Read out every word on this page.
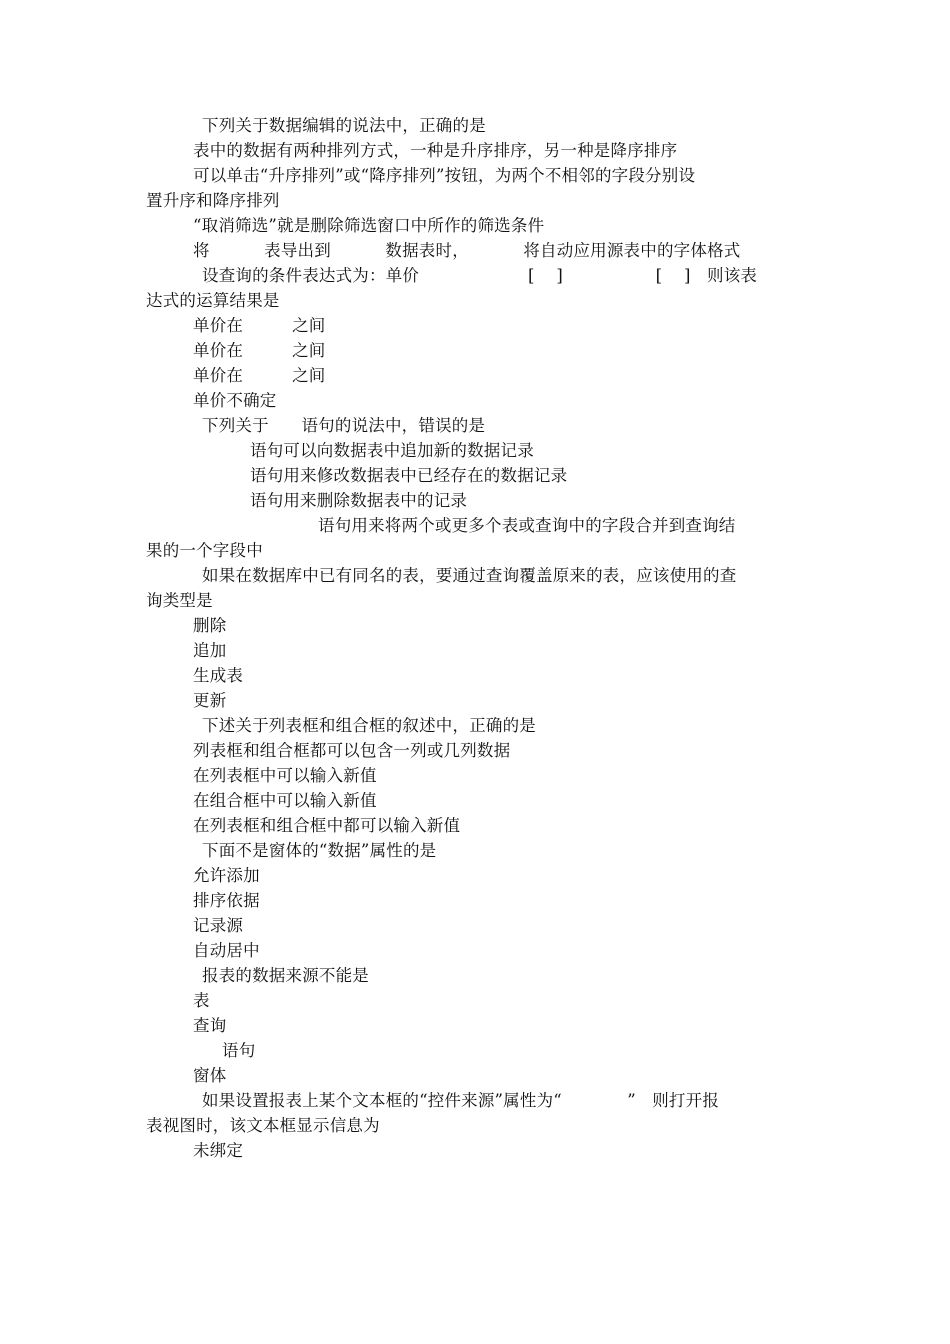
下列关于数据编辑的说法中，正确的是
表中的数据有两种排列方式，一种是升序排序，另一种是降序排序
可以单击“升序排列”或“降序排列”按钮，为两个不相邻的字段分别设
置升序和降序排列
“取消筛选”就是删除筛选窗口中所作的筛选条件
将          表导出到          数据表时，          将自动应用源表中的字体格式
设查询的条件表达式为：单价                    [    ]                 [    ]   则该表
达式的运算结果是
单价在         之间
单价在         之间
单价在         之间
单价不确定
下列关于      语句的说法中，错误的是
语句可以向数据表中追加新的数据记录
语句用来修改数据表中已经存在的数据记录
语句用来删除数据表中的记录
语句用来将两个或更多个表或查询中的字段合并到查询结
果的一个字段中
如果在数据库中已有同名的表，要通过查询覆盖原来的表，应该使用的查
询类型是
删除
追加
生成表
更新
下述关于列表框和组合框的叙述中，正确的是
列表框和组合框都可以包含一列或几列数据
在列表框中可以输入新值
在组合框中可以输入新值
在列表框和组合框中都可以输入新值
下面不是窗体的“数据”属性的是
允许添加
排序依据
记录源
自动居中
报表的数据来源不能是
表
查询
语句
窗体
如果设置报表上某个文本框的“控件来源”属性为“            ”   则打开报
表视图时，该文本框显示信息为
未绑定
